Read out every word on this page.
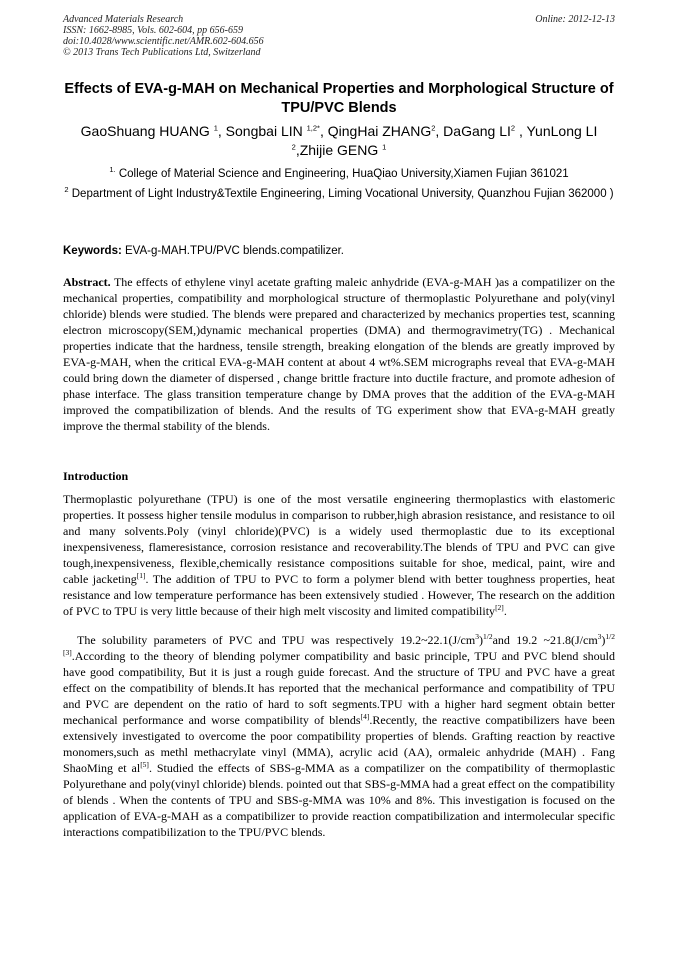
Advanced Materials Research
ISSN: 1662-8985, Vols. 602-604, pp 656-659
doi:10.4028/www.scientific.net/AMR.602-604.656
© 2013 Trans Tech Publications Ltd, Switzerland
Online: 2012-12-13
Effects of EVA-g-MAH on Mechanical Properties and Morphological Structure of TPU/PVC Blends
GaoShuang HUANG $^1$, Songbai LIN $^{1,2*}$, QingHai ZHANG$^2$, DaGang $LI^2$ , YunLong LI $^2$,Zhijie GENG $^1$
$^{1.}$ College of Material Science and Engineering, HuaQiao University,Xiamen Fujian 361021
$^2$ Department of Light Industry&Textile Engineering, Liming Vocational University, Quanzhou Fujian 362000 )
Keywords: EVA-g-MAH.TPU/PVC blends.compatilizer.
Abstract. The effects of ethylene vinyl acetate grafting maleic anhydride (EVA-g-MAH )as a compatilizer on the mechanical properties, compatibility and morphological structure of thermoplastic Polyurethane and poly(vinyl chloride) blends were studied. The blends were prepared and characterized by mechanics properties test, scanning electron microscopy(SEM,)dynamic mechanical properties (DMA) and thermogravimetry(TG) . Mechanical properties indicate that the hardness, tensile strength, breaking elongation of the blends are greatly improved by EVA-g-MAH, when the critical EVA-g-MAH content at about 4 wt%.SEM micrographs reveal that EVA-g-MAH could bring down the diameter of dispersed , change brittle fracture into ductile fracture, and promote adhesion of phase interface. The glass transition temperature change by DMA proves that the addition of the EVA-g-MAH improved the compatibilization of blends. And the results of TG experiment show that EVA-g-MAH greatly improve the thermal stability of the blends.
Introduction
Thermoplastic polyurethane (TPU) is one of the most versatile engineering thermoplastics with elastomeric properties. It possess higher tensile modulus in comparison to rubber,high abrasion resistance, and resistance to oil and many solvents.Poly (vinyl chloride)(PVC) is a widely used thermoplastic due to its exceptional inexpensiveness, flameresistance, corrosion resistance and recoverability.The blends of TPU and PVC can give tough,inexpensiveness, flexible,chemically resistance compositions suitable for shoe, medical, paint, wire and cable jacketing[1]. The addition of TPU to PVC to form a polymer blend with better toughness properties, heat resistance and low temperature performance has been extensively studied . However, The research on the addition of PVC to TPU is very little because of their high melt viscosity and limited compatibility[2].
The solubility parameters of PVC and TPU was respectively $19.2\sim 22.1(J/cm^3)^{1/2}and$ 19.2 $\sim 21.8(J/cm^3)^{1/2}$ [3].According to the theory of blending polymer compatibility and basic principle, TPU and PVC blend should have good compatibility, But it is just a rough guide forecast. And the structure of TPU and PVC have a great effect on the compatibility of blends.It has reported that the mechanical performance and compatibility of TPU and PVC are dependent on the ratio of hard to soft segments.TPU with a higher hard segment obtain better mechanical performance and worse compatibility of blends[4].Recently, the reactive compatibilizers have been extensively investigated to overcome the poor compatibility properties of blends. Grafting reaction by reactive monomers,such as methl methacrylate vinyl (MMA), acrylic acid (AA), ormaleic anhydride (MAH) . Fang ShaoMing et al[5]. Studied the effects of SBS-g-MMA as a compatilizer on the compatibility of thermoplastic Polyurethane and poly(vinyl chloride) blends. pointed out that SBS-g-MMA had a great effect on the compatibility of blends . When the contents of TPU and SBS-g-MMA was 10% and 8%. This investigation is focused on the application of EVA-g-MAH as a compatibilizer to provide reaction compatibilization and intermolecular specific interactions compatibilization to the TPU/PVC blends.
